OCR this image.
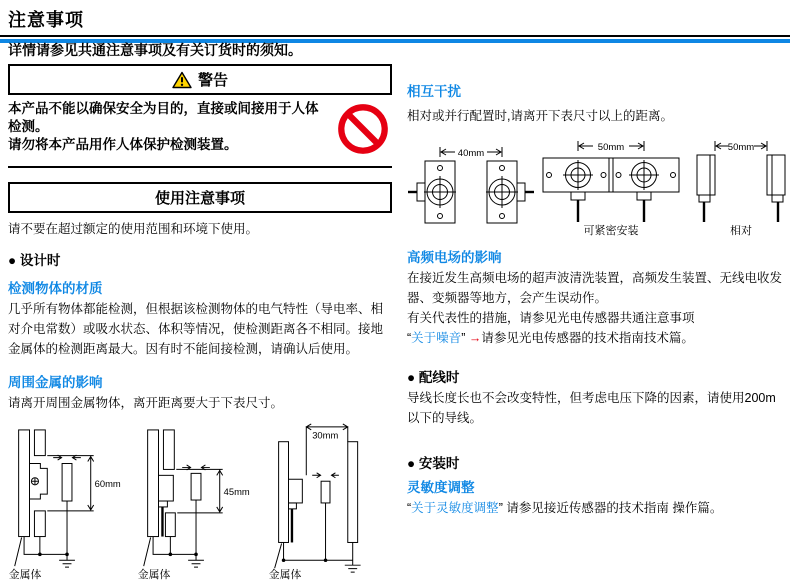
注意事项

详情请参见共通注意事项及有关订货时的须知。

警告

本产品不能以确保安全为目的，直接或间接用于人体检测。

请勿将本产品用作人体保护检测装置。

使用注意事项

请不要在超过额定的使用范围和环境下使用。

● 设计时

检测物体的材质

几乎所有物体都能检测，但根据该检测物体的电气特性（导电率、相对介电常数）或吸水状态、体积等情况，使检测距离各不相同。接地金属体的检测距离最大。因有时不能间接检测，请确认后使用。

周围金属的影响

请离开周围金属物体，离开距离要大于下表尺寸。

60mm
金属体
45mm
金属体
30mm
金属体

相互干扰

相对或并行配置时,请离开下表尺寸以上的距离。

40mm
50mm
可紧密安装
50mm
相对

高频电场的影响

在接近发生高频电场的超声波清洗装置，高频发生装置、无线电收发器、变频器等地方，会产生误动作。

有关代表性的措施，请参见光电传感器共通注意事项

“关于噪音” →请参见光电传感器的技术指南技术篇。

● 配线时

导线长度长也不会改变特性，但考虑电压下降的因素，请使用200m以下的导线。

● 安装时

灵敏度调整

“关于灵敏度调整” 请参见接近传感器的技术指南 操作篇。
